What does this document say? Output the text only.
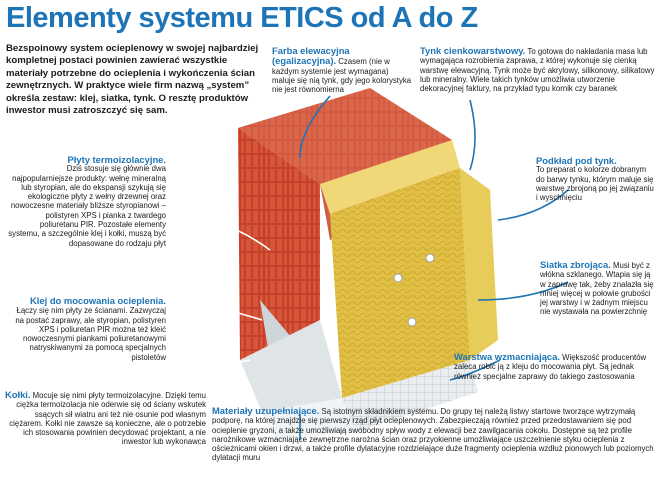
Elementy systemu ETICS od A do Z
Bezspoinowy system ocieplenowy w swojej najbardziej kompletnej postaci powinien zawierać wszystkie materiały potrzebne do ocieplenia i wykończenia ścian zewnętrznych. W praktyce wiele firm nazwą „system” określa zestaw: klej, siatka, tynk. O resztę produktów inwestor musi zatroszczyć się sam.
Farba elewacyjna (egalizacyjna). Czasem (nie w każdym systemie jest wymagana) maluje się nią tynk, gdy jego kolorystyka nie jest równomierna
Tynk cienkowarstwowy. To gotowa do nakładania masa lub wymagająca rozrobienia zaprawa, z której wykonuje się cienką warstwę elewacyjną. Tynk może być akrylowy, silikonowy, silikatowy lub mineralny. Wiele takich tynków umożliwia utworzenie dekoracyjnej faktury, na przykład typu kornik czy baranek
Płyty termoizolacyjne.
Dziś stosuje się głównie dwa najpopularniejsze produkty: wełnę mineralną lub styropian, ale do ekspansji szykują się ekologiczne płyty z wełny drzewnej oraz nowoczesne materiały bliższe styropianowi – polistyren XPS i pianka z twardego poliuretanu PIR. Pozostałe elementy systemu, a szczególnie klej i kołki, muszą być dopasowane do rodzaju płyt
Podkład pod tynk.
To preparat o kolorze dobranym do barwy tynku, którym maluje się warstwę zbrojoną po jej związaniu i wyschnięciu
Klej do mocowania ocieplenia. Łączy się nim płyty ze ścianami. Zazwyczaj na postać zaprawy, ale styropian, polistyren XPS i poliuretan PIR można też kleić nowoczesnymi piankami poliuretanowymi natryskiwanymi za pomocą specjalnych pistoletów
Siatka zbrojąca. Musi być z włókna szklanego. Wtapia się ją w zaprawę tak, żeby znalazła się mniej więcej w połowie grubości jej warstwy i w żadnym miejscu nie wystawała na powierzchnię
Warstwa wzmacniająca. Większość producentów zaleca robić ją z kleju do mocowania płyt. Są jednak również specjalne zaprawy do takiego zastosowania
Kołki. Mocuje się nimi płyty termoizolacyjne. Dzięki temu ciężka termoizolacja nie oderwie się od ściany wskutek ssących sił wiatru ani też nie osunie pod własnym ciężarem. Kołki nie zawsze są konieczne, ale o potrzebie ich stosowania powinien decydować projektant, a nie inwestor lub wykonawca
Materiały uzupełniające. Są istotnym składnikiem systemu. Do grupy tej należą listwy startowe tworzące wytrzymałą podporę, na której znajdzie się pierwszy rząd płyt ocieplenowych. Zabezpieczają również przed przedostawaniem się pod ocieplenie gryzoni, a także umożliwiają swobodny spływ wody z elewacji bez zawilgacania cokołu. Dostępne są też profile narożnikowe wzmacniające zewnętrzne narożna ścian oraz przyokienne umożliwiające uszczelnienie styku ocieplenia z ościeżnicami okien i drzwi, a także profile dylatacyjne rozdzielające duże fragmenty ocieplenia wzdłuż pionowych lub poziomych dylatacji muru
